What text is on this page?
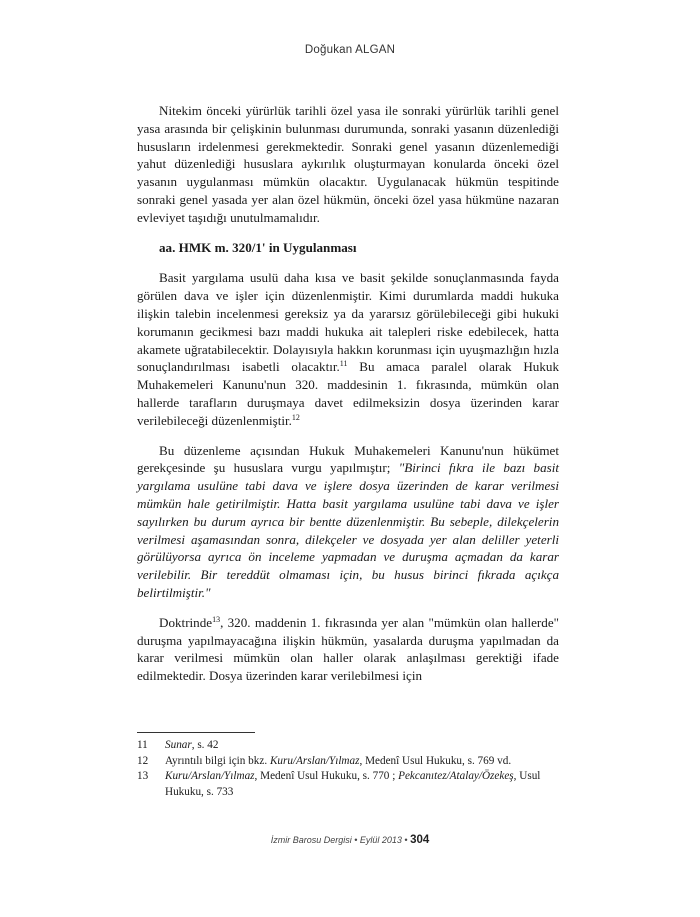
Doğukan ALGAN

Nitekim önceki yürürlük tarihli özel yasa ile sonraki yürürlük tarihli genel yasa arasında bir çelişkinin bulunması durumunda, sonraki yasanın düzenlediği hususların irdelenmesi gerekmektedir. Sonraki genel yasanın düzenlemediği yahut düzenlediği hususlara aykırılık oluşturmayan konularda önceki özel yasanın uygulanması mümkün olacaktır. Uygulanacak hükmün tespitinde sonraki genel yasada yer alan özel hükmün, önceki özel yasa hükmüne nazaran evleviyet taşıdığı unutulmamalıdır.

aa. HMK m. 320/1' in Uygulanması

Basit yargılama usulü daha kısa ve basit şekilde sonuçlanmasında fayda görülen dava ve işler için düzenlenmiştir. Kimi durumlarda maddi hukuka ilişkin talebin incelenmesi gereksiz ya da yararsız görülebileceği gibi hukuki korumanın gecikmesi bazı maddi hukuka ait talepleri riske edebilecek, hatta akamete uğratabilecektir. Dolayısıyla hakkın korunması için uyuşmazlığın hızla sonuçlandırılması isabetli olacaktır.$^{11}$ Bu amaca paralel olarak Hukuk Muhakemeleri Kanunu'nun 320. maddesinin 1. fıkrasında, mümkün olan hallerde tarafların duruşmaya davet edilmeksizin dosya üzerinden karar verilebileceği düzenlenmiştir.$^{12}$

Bu düzenleme açısından Hukuk Muhakemeleri Kanunu'nun hükümet gerekçesinde şu hususlara vurgu yapılmıştır; "Birinci fıkra ile bazı basit yargılama usulüne tabi dava ve işlere dosya üzerinden de karar verilmesi mümkün hale getirilmiştir. Hatta basit yargılama usulüne tabi dava ve işler sayılırken bu durum ayrıca bir bentte düzenlenmiştir. Bu sebeple, dilekçelerin verilmesi aşamasından sonra, dilekçeler ve dosyada yer alan deliller yeterli görülüyorsa ayrıca ön inceleme yapmadan ve duruşma açmadan da karar verilebilir. Bir tereddüt olmaması için, bu husus birinci fıkrada açıkça belirtilmiştir."

Doktrinde$^{13}$, 320. maddenin 1. fıkrasında yer alan "mümkün olan hallerde" duruşma yapılmayacağına ilişkin hükmün, yasalarda duruşma yapılmadan da karar verilmesi mümkün olan haller olarak anlaşılması gerektiği ifade edilmektedir. Dosya üzerinden karar verilebilmesi için

11	Sunar, s. 42
12	Ayrıntılı bilgi için bkz. Kuru/Arslan/Yılmaz, Medenî Usul Hukuku, s. 769 vd.
13	Kuru/Arslan/Yılmaz, Medenî Usul Hukuku, s. 770 ; Pekcanıtez/Atalay/Özekeş, Usul Hukuku, s. 733
İzmir Barosu Dergisi • Eylül 2013 • 304
